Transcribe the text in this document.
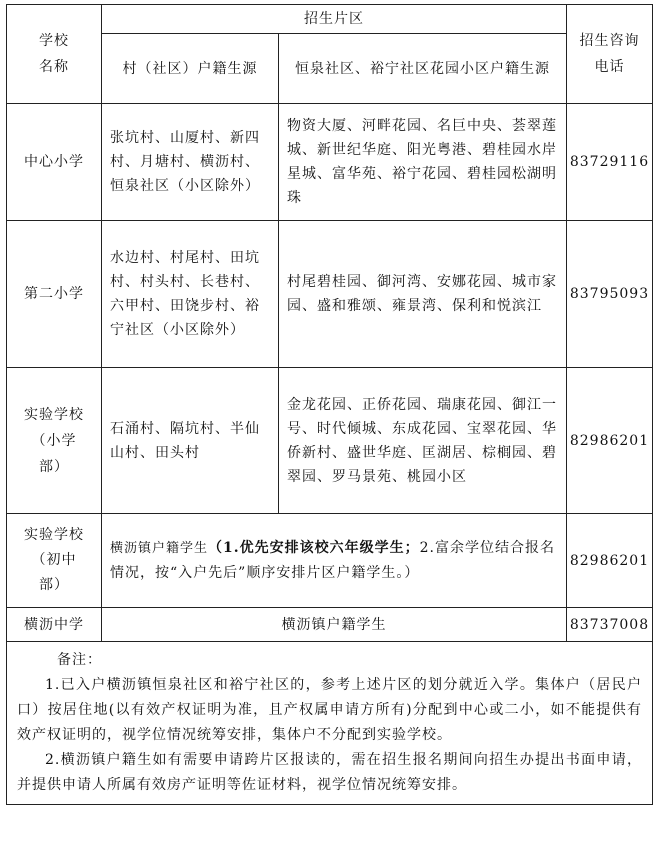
学校
名称	招生片区		招生咨询
电话

	村（社区）户籍生源	恒泉社区、裕宁社区花园小区户籍生源	
中心小学	张坑村、山厦村、新四村、月塘村、横沥村、恒泉社区（小区除外）	物资大厦、河畔花园、名巨中央、荟翠莲城、新世纪华庭、阳光粤港、碧桂园水岸星城、富华苑、裕宁花园、碧桂园松湖明珠	83729116
第二小学	水边村、村尾村、田坑村、村头村、长巷村、六甲村、田饶步村、裕宁社区（小区除外）	村尾碧桂园、御河湾、安娜花园、城市家园、盛和雅颂、雍景湾、保利和悦滨江	83795093

实验学校
（小学
部）	石涌村、隔坑村、半仙山村、田头村	金龙花园、正侨花园、瑞康花园、御江一号、时代倾城、东成花园、宝翠花园、华侨新村、盛世华庭、匡湖居、棕榈园、碧翠园、罗马景苑、桃园小区	82986201

实验学校
（初中
部）	横沥镇户籍学生（1.优先安排该校六年级学生；2.富余学位结合报名情况，按“入户先后”顺序安排片区户籍学生。）		82986201
横沥中学	横沥镇户籍学生		83737008

备注：
1.已入户横沥镇恒泉社区和裕宁社区的，参考上述片区的划分就近入学。集体户（居民户口）按居住地(以有效产权证明为准，且产权属申请方所有)分配到中心或二小，如不能提供有效产权证明的，视学位情况统筹安排，集体户不分配到实验学校。
2.横沥镇户籍生如有需要申请跨片区报读的，需在招生报名期间向招生办提出书面申请，并提供申请人所属有效房产证明等佐证材料，视学位情况统筹安排。			
